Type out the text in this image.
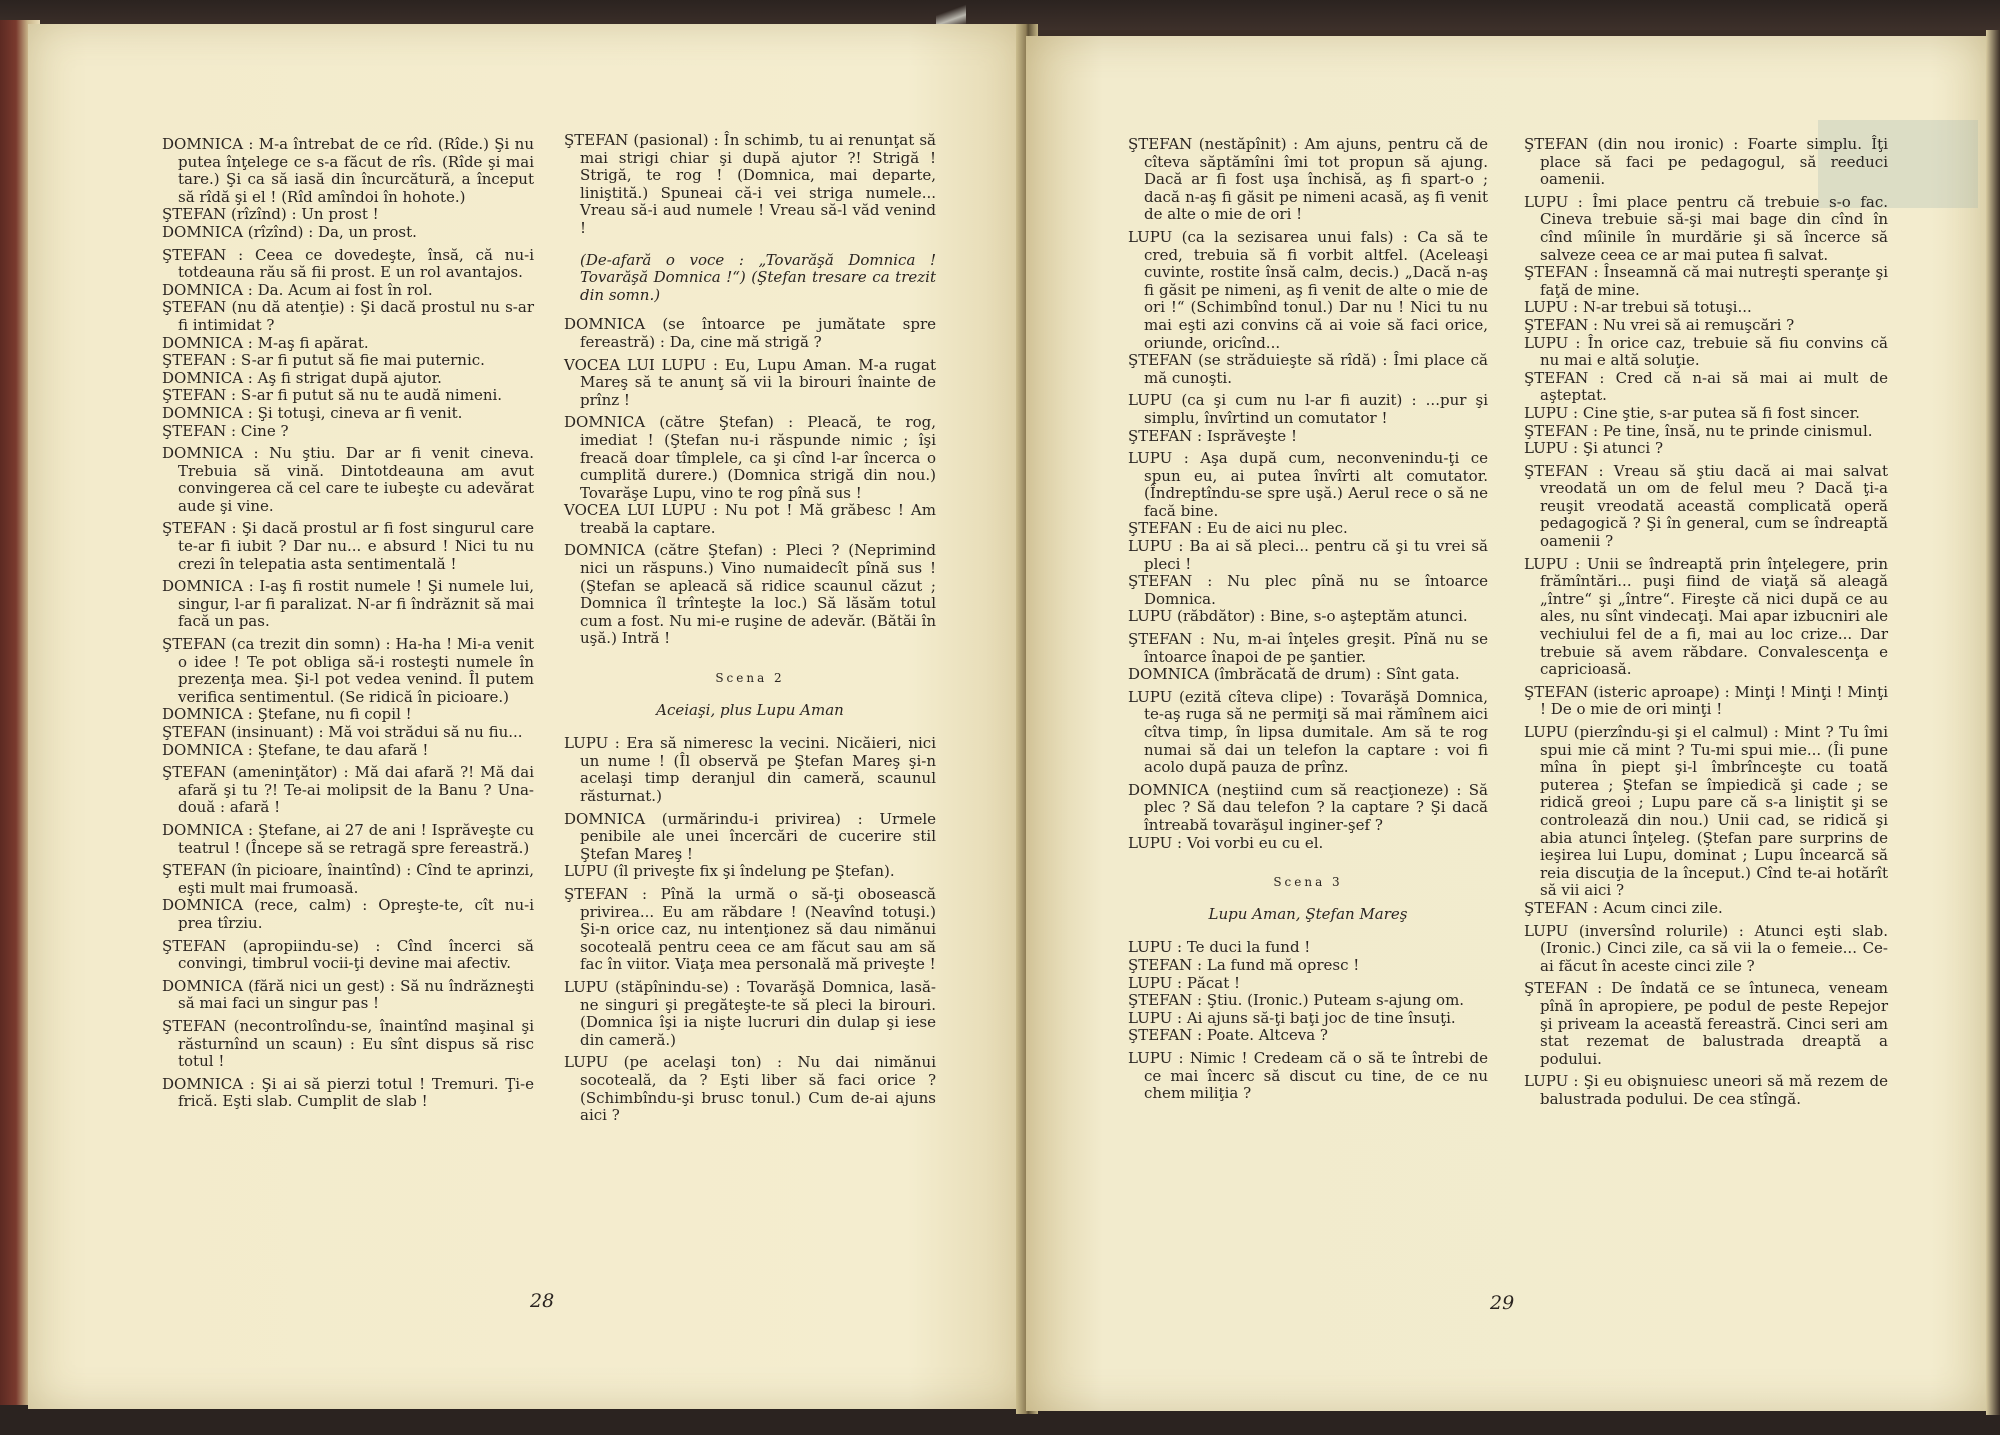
DOMNICA : M-a întrebat de ce rîd. (Rîde.) Şi nu putea înţelege ce s-a făcut de rîs. (Rîde şi mai tare.) Şi ca să iasă din încurcătură, a început să rîdă şi el ! (Rîd amîndoi în hohote.)

ŞTEFAN (rîzînd) : Un prost !

DOMNICA (rîzînd) : Da, un prost.

ŞTEFAN : Ceea ce dovedeşte, însă, că nu-i totdeauna rău să fii prost. E un rol avantajos.

DOMNICA : Da. Acum ai fost în rol.

ŞTEFAN (nu dă atenţie) : Şi dacă prostul nu s-ar fi intimidat ?

DOMNICA : M-aş fi apărat.

ŞTEFAN : S-ar fi putut să fie mai puternic.

DOMNICA : Aş fi strigat după ajutor.

ŞTEFAN : S-ar fi putut să nu te audă nimeni.

DOMNICA : Şi totuşi, cineva ar fi venit.

ŞTEFAN : Cine ?

DOMNICA : Nu ştiu. Dar ar fi venit cineva. Trebuia să vină. Dintotdeauna am avut convingerea că cel care te iubeşte cu adevărat aude şi vine.

ŞTEFAN : Şi dacă prostul ar fi fost singurul care te-ar fi iubit ? Dar nu... e absurd ! Nici tu nu crezi în telepatia asta sentimentală !

DOMNICA : I-aş fi rostit numele ! Şi numele lui, singur, l-ar fi paralizat. N-ar fi îndrăznit să mai facă un pas.

ŞTEFAN (ca trezit din somn) : Ha-ha ! Mi-a venit o idee ! Te pot obliga să-i rosteşti numele în prezenţa mea. Şi-l pot vedea venind. Îl putem verifica sentimentul. (Se ridică în picioare.)

DOMNICA : Ştefane, nu fi copil !

ŞTEFAN (insinuant) : Mă voi strădui să nu fiu...

DOMNICA : Ştefane, te dau afară !

ŞTEFAN (ameninţător) : Mă dai afară ?! Mă dai afară şi tu ?! Te-ai molipsit de la Banu ? Una-două : afară !

DOMNICA : Ştefane, ai 27 de ani ! Isprăveşte cu teatrul ! (Începe să se retragă spre fereastră.)

ŞTEFAN (în picioare, înaintînd) : Cînd te aprinzi, eşti mult mai frumoasă.

DOMNICA (rece, calm) : Opreşte-te, cît nu-i prea tîrziu.

ŞTEFAN (apropiindu-se) : Cînd încerci să convingi, timbrul vocii-ţi devine mai afectiv.

DOMNICA (fără nici un gest) : Să nu îndrăzneşti să mai faci un singur pas !

ŞTEFAN (necontrolîndu-se, înaintînd maşinal şi răsturnînd un scaun) : Eu sînt dispus să risc totul !

DOMNICA : Şi ai să pierzi totul ! Tremuri. Ţi-e frică. Eşti slab. Cumplit de slab !

ŞTEFAN (pasional) : În schimb, tu ai renunţat să mai strigi chiar şi după ajutor ?! Strigă ! Strigă, te rog ! (Domnica, mai departe, liniştită.) Spuneai că-i vei striga numele... Vreau să-i aud numele ! Vreau să-l văd venind !

(De-afară o voce : „Tovarăşă Domnica ! Tovarăşă Domnica !“) (Ştefan tresare ca trezit din somn.)

DOMNICA (se întoarce pe jumătate spre fereastră) : Da, cine mă strigă ?

VOCEA LUI LUPU : Eu, Lupu Aman. M-a rugat Mareş să te anunţ să vii la birouri înainte de prînz !

DOMNICA (către Ştefan) : Pleacă, te rog, imediat ! (Ştefan nu-i răspunde nimic ; îşi freacă doar tîmplele, ca şi cînd l-ar încerca o cumplită durere.) (Domnica strigă din nou.) Tovarăşe Lupu, vino te rog pînă sus !

VOCEA LUI LUPU : Nu pot ! Mă grăbesc ! Am treabă la captare.

DOMNICA (către Ştefan) : Pleci ? (Neprimind nici un răspuns.) Vino numaidecît pînă sus ! (Ştefan se apleacă să ridice scaunul căzut ; Domnica îl trînteşte la loc.) Să lăsăm totul cum a fost. Nu mi-e ruşine de adevăr. (Bătăi în uşă.) Intră !

Scena 2

Aceiaşi, plus Lupu Aman

LUPU : Era să nimeresc la vecini. Nicăieri, nici un nume ! (Îl observă pe Ştefan Mareş şi-n acelaşi timp deranjul din cameră, scaunul răsturnat.)

DOMNICA (urmărindu-i privirea) : Urmele penibile ale unei încercări de cucerire stil Ştefan Mareş !

LUPU (îl priveşte fix şi îndelung pe Ştefan).

ŞTEFAN : Pînă la urmă o să-ţi obosească privirea... Eu am răbdare ! (Neavînd totuşi.) Şi-n orice caz, nu intenţionez să dau nimănui socoteală pentru ceea ce am făcut sau am să fac în viitor. Viaţa mea personală mă priveşte !

LUPU (stăpînindu-se) : Tovarăşă Domnica, lasă-ne singuri şi pregăteşte-te să pleci la birouri. (Domnica îşi ia nişte lucruri din dulap şi iese din cameră.)

LUPU (pe acelaşi ton) : Nu dai nimănui socoteală, da ? Eşti liber să faci orice ? (Schimbîndu-şi brusc tonul.) Cum de-ai ajuns aici ?

28

ŞTEFAN (nestăpînit) : Am ajuns, pentru că de cîteva săptămîni îmi tot propun să ajung. Dacă ar fi fost uşa închisă, aş fi spart-o ; dacă n-aş fi găsit pe nimeni acasă, aş fi venit de alte o mie de ori !

LUPU (ca la sezisarea unui fals) : Ca să te cred, trebuia să fi vorbit altfel. (Aceleaşi cuvinte, rostite însă calm, decis.) „Dacă n-aş fi găsit pe nimeni, aş fi venit de alte o mie de ori !“ (Schimbînd tonul.) Dar nu ! Nici tu nu mai eşti azi convins că ai voie să faci orice, oriunde, oricînd...

ŞTEFAN (se străduieşte să rîdă) : Îmi place că mă cunoşti.

LUPU (ca şi cum nu l-ar fi auzit) : ...pur şi simplu, învîrtind un comutator !

ŞTEFAN : Isprăveşte !

LUPU : Aşa după cum, neconvenindu-ţi ce spun eu, ai putea învîrti alt comutator. (Îndreptîndu-se spre uşă.) Aerul rece o să ne facă bine.

ŞTEFAN : Eu de aici nu plec.

LUPU : Ba ai să pleci... pentru că şi tu vrei să pleci !

ŞTEFAN : Nu plec pînă nu se întoarce Domnica.

LUPU (răbdător) : Bine, s-o aşteptăm atunci.

ŞTEFAN : Nu, m-ai înţeles greşit. Pînă nu se întoarce înapoi de pe şantier.

DOMNICA (îmbrăcată de drum) : Sînt gata.

LUPU (ezită cîteva clipe) : Tovarăşă Domnica, te-aş ruga să ne permiţi să mai rămînem aici cîtva timp, în lipsa dumitale. Am să te rog numai să dai un telefon la captare : voi fi acolo după pauza de prînz.

DOMNICA (neştiind cum să reacţioneze) : Să plec ? Să dau telefon ? la captare ? Şi dacă întreabă tovarăşul inginer-şef ?

LUPU : Voi vorbi eu cu el.

Scena 3

Lupu Aman, Ştefan Mareş

LUPU : Te duci la fund !

ŞTEFAN : La fund mă opresc !

LUPU : Păcat !

ŞTEFAN : Ştiu. (Ironic.) Puteam s-ajung om.

LUPU : Ai ajuns să-ţi baţi joc de tine însuţi.

ŞTEFAN : Poate. Altceva ?

LUPU : Nimic ! Credeam că o să te întrebi de ce mai încerc să discut cu tine, de ce nu chem miliţia ?

ŞTEFAN (din nou ironic) : Foarte simplu. Îţi place să faci pe pedagogul, să reeduci oamenii.

LUPU : Îmi place pentru că trebuie s-o fac. Cineva trebuie să-şi mai bage din cînd în cînd mîinile în murdărie şi să încerce să salveze ceea ce ar mai putea fi salvat.

ŞTEFAN : Înseamnă că mai nutreşti speranţe şi faţă de mine.

LUPU : N-ar trebui să totuşi...

ŞTEFAN : Nu vrei să ai remuşcări ?

LUPU : În orice caz, trebuie să fiu convins că nu mai e altă soluţie.

ŞTEFAN : Cred că n-ai să mai ai mult de aşteptat.

LUPU : Cine ştie, s-ar putea să fi fost sincer.

ŞTEFAN : Pe tine, însă, nu te prinde cinismul.

LUPU : Şi atunci ?

ŞTEFAN : Vreau să ştiu dacă ai mai salvat vreodată un om de felul meu ? Dacă ţi-a reuşit vreodată această complicată operă pedagogică ? Şi în general, cum se îndreaptă oamenii ?

LUPU : Unii se îndreaptă prin înţelegere, prin frămîntări... puşi fiind de viaţă să aleagă „între“ şi „între“. Fireşte că nici după ce au ales, nu sînt vindecaţi. Mai apar izbucniri ale vechiului fel de a fi, mai au loc crize... Dar trebuie să avem răbdare. Convalescenţa e capricioasă.

ŞTEFAN (isteric aproape) : Minţi ! Minţi ! Minţi ! De o mie de ori minţi !

LUPU (pierzîndu-şi şi el calmul) : Mint ? Tu îmi spui mie că mint ? Tu-mi spui mie... (Îi pune mîna în piept şi-l îmbrînceşte cu toată puterea ; Ştefan se împiedică şi cade ; se ridică greoi ; Lupu pare că s-a liniştit şi se controlează din nou.) Unii cad, se ridică şi abia atunci înţeleg. (Ştefan pare surprins de ieşirea lui Lupu, dominat ; Lupu încearcă să reia discuţia de la început.) Cînd te-ai hotărît să vii aici ?

ŞTEFAN : Acum cinci zile.

LUPU (inversînd rolurile) : Atunci eşti slab. (Ironic.) Cinci zile, ca să vii la o femeie... Ce-ai făcut în aceste cinci zile ?

ŞTEFAN : De îndată ce se întuneca, veneam pînă în apropiere, pe podul de peste Repejor şi priveam la această fereastră. Cinci seri am stat rezemat de balustrada dreaptă a podului.

LUPU : Şi eu obişnuiesc uneori să mă rezem de balustrada podului. De cea stîngă.

29
